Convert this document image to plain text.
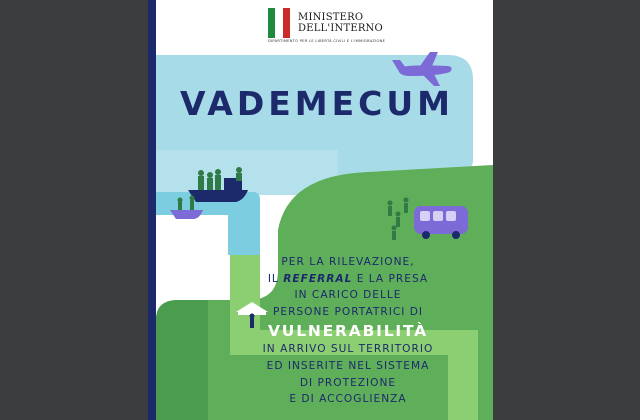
MINISTERO
DELL'INTERNO
DIPARTIMENTO PER LE LIBERTÀ CIVILI E L'IMMIGRAZIONE
VADEMECUM
PER LA RILEVAZIONE,
IL REFERRAL E LA PRESA
IN CARICO DELLE
PERSONE PORTATRICI DI
VULNERABILITÀ
IN ARRIVO SUL TERRITORIO
ED INSERITE NEL SISTEMA
DI PROTEZIONE
E DI ACCOGLIENZA
